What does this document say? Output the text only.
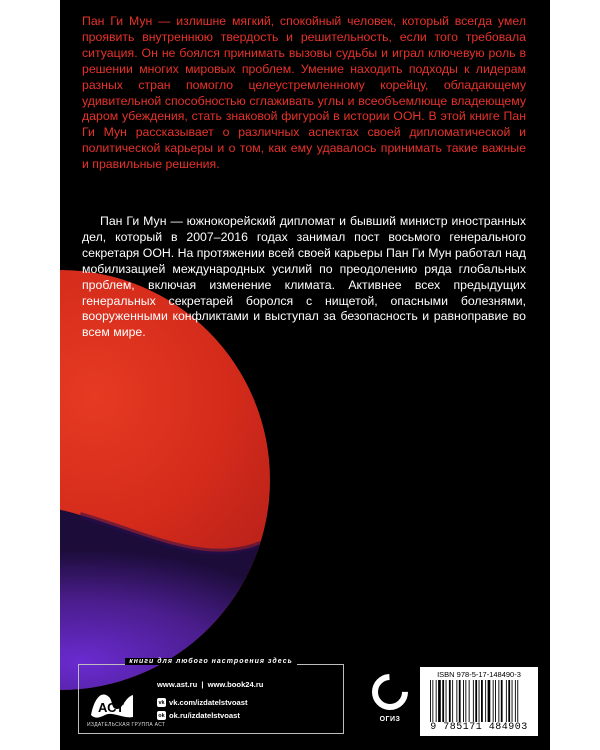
Пан Ги Мун — излишне мягкий, спокойный человек, который всегда умел проявить внутреннюю твердость и решительность, если того требовала ситуация. Он не боялся принимать вызовы судьбы и играл ключевую роль в решении многих мировых проблем. Умение находить подходы к лидерам разных стран помогло целеустремленному корейцу, обладающему удивительной способностью сглаживать углы и всеобъемлюще владеющему даром убеждения, стать знаковой фигурой в истории ООН. В этой книге Пан Ги Мун рассказывает о различных аспектах своей дипломатической и политической карьеры и о том, как ему удавалось принимать такие важные и правильные решения.

Пан Ги Мун — южнокорейский дипломат и бывший министр иностранных дел, который в 2007–2016 годах занимал пост восьмого генерального секретаря ООН. На протяжении всей своей карьеры Пан Ги Мун работал над мобилизацией международных усилий по преодолению ряда глобальных проблем, включая изменение климата. Активнее всех предыдущих генеральных секретарей боролся с нищетой, опасными болезнями, вооруженными конфликтами и выступал за безопасность и равноправие во всем мире.

книги для любого настроения здесь
АСТ
ИЗДАТЕЛЬСКАЯ ГРУППА АСТ
www.ast.ru | www.book24.ru
vk vk.com/izdatelstvoast
ok ok.ru/izdatelstvoast	ОГИЗ
ISBN 978-5-17-148490-3
9 785171 484903
